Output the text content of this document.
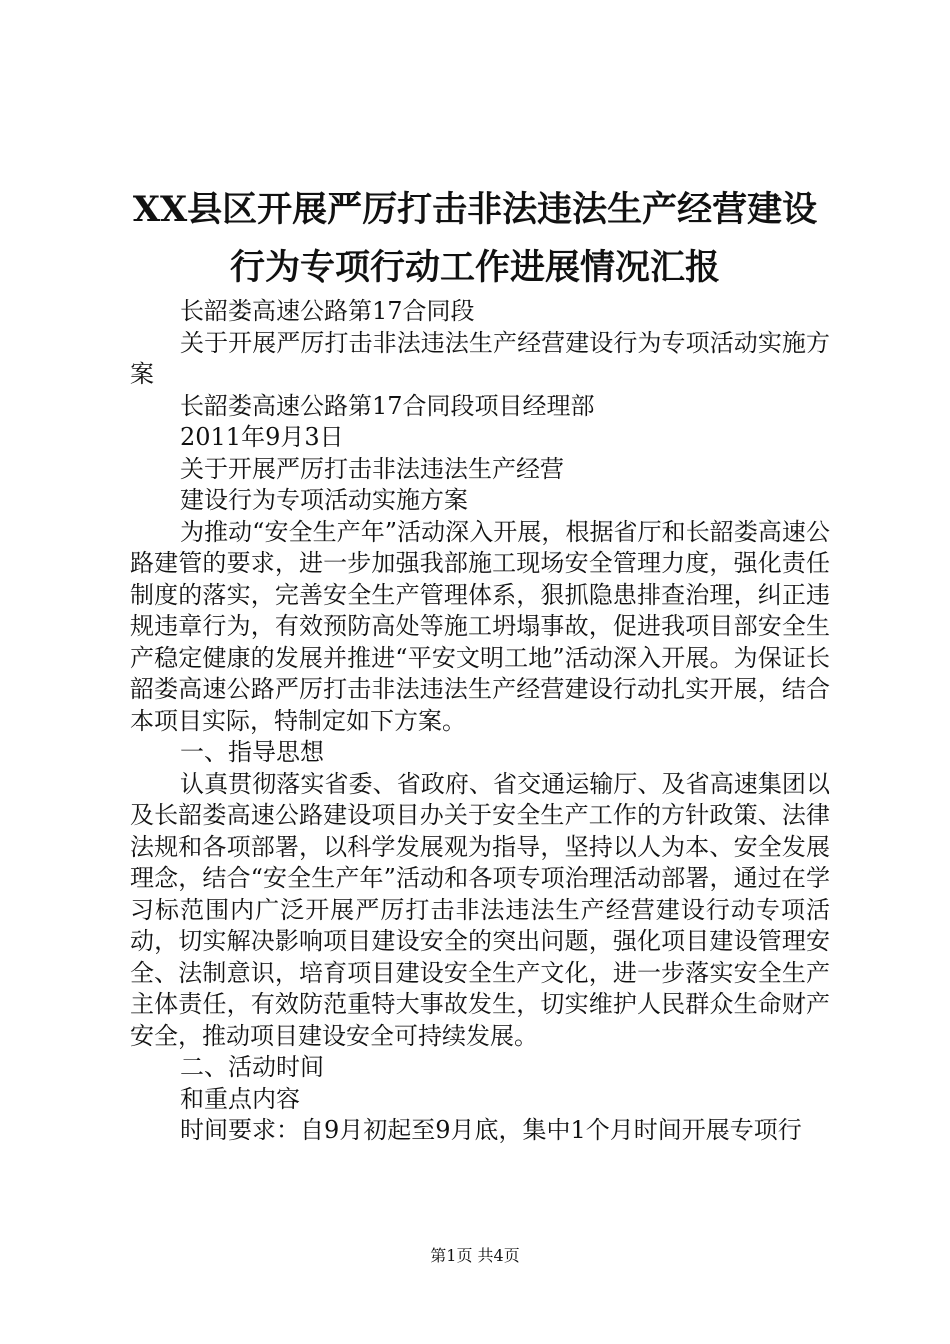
XX县区开展严厉打击非法违法生产经营建设
行为专项行动工作进展情况汇报

长韶娄高速公路第17合同段

关于开展严厉打击非法违法生产经营建设行为专项活动实施方案

长韶娄高速公路第17合同段项目经理部

2011年9月3日

关于开展严厉打击非法违法生产经营

建设行为专项活动实施方案

为推动“安全生产年”活动深入开展，根据省厅和长韶娄高速公路建管的要求，进一步加强我部施工现场安全管理力度，强化责任制度的落实，完善安全生产管理体系，狠抓隐患排查治理，纠正违规违章行为，有效预防高处等施工坍塌事故，促进我项目部安全生产稳定健康的发展并推进“平安文明工地”活动深入开展。为保证长韶娄高速公路严厉打击非法违法生产经营建设行动扎实开展，结合本项目实际，特制定如下方案。

一、指导思想

认真贯彻落实省委、省政府、省交通运输厅、及省高速集团以及长韶娄高速公路建设项目办关于安全生产工作的方针政策、法律法规和各项部署，以科学发展观为指导，坚持以人为本、安全发展理念，结合“安全生产年”活动和各项专项治理活动部署，通过在学习标范围内广泛开展严厉打击非法违法生产经营建设行动专项活动，切实解决影响项目建设安全的突出问题，强化项目建设管理安全、法制意识，培育项目建设安全生产文化，进一步落实安全生产主体责任，有效防范重特大事故发生，切实维护人民群众生命财产安全，推动项目建设安全可持续发展。

二、活动时间

和重点内容

时间要求：自9月初起至9月底，集中1个月时间开展专项行

第1页 共4页
